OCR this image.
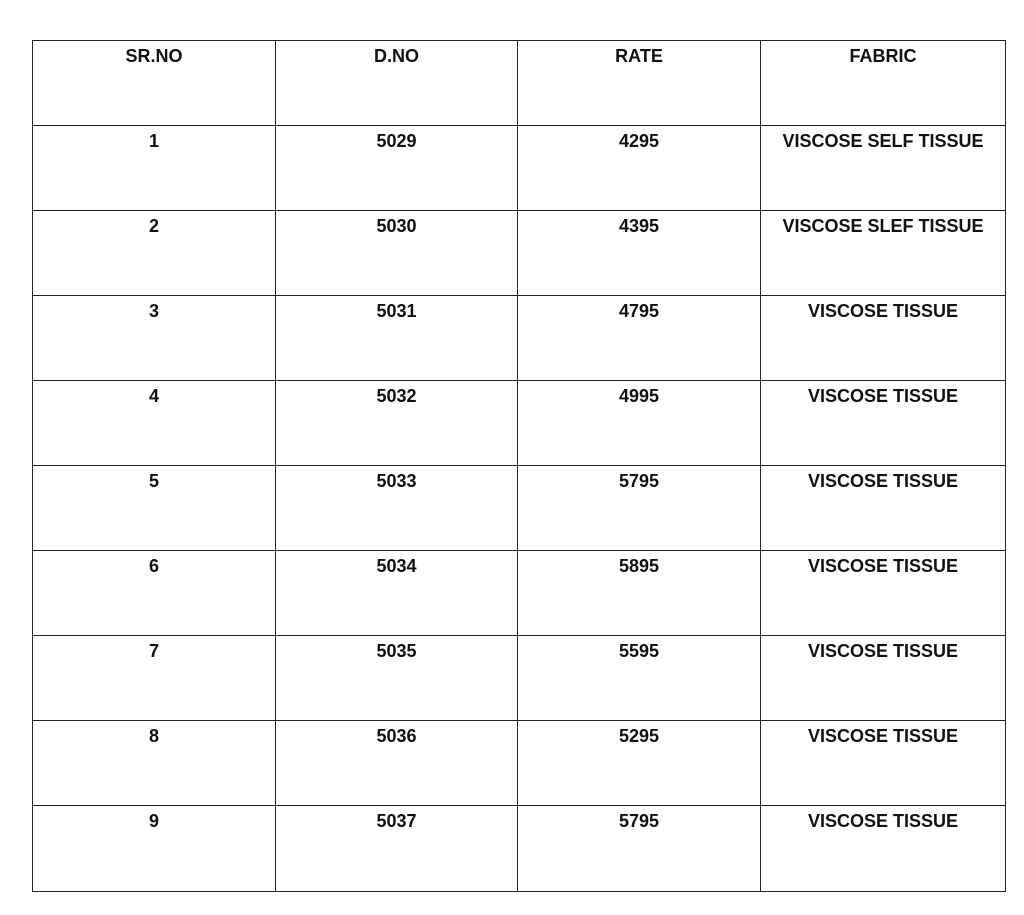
SR.NO	D.NO	RATE	FABRIC
1	5029	4295	VISCOSE SELF TISSUE
2	5030	4395	VISCOSE SLEF TISSUE
3	5031	4795	VISCOSE TISSUE
4	5032	4995	VISCOSE TISSUE
5	5033	5795	VISCOSE TISSUE
6	5034	5895	VISCOSE TISSUE
7	5035	5595	VISCOSE TISSUE
8	5036	5295	VISCOSE TISSUE
9	5037	5795	VISCOSE TISSUE
